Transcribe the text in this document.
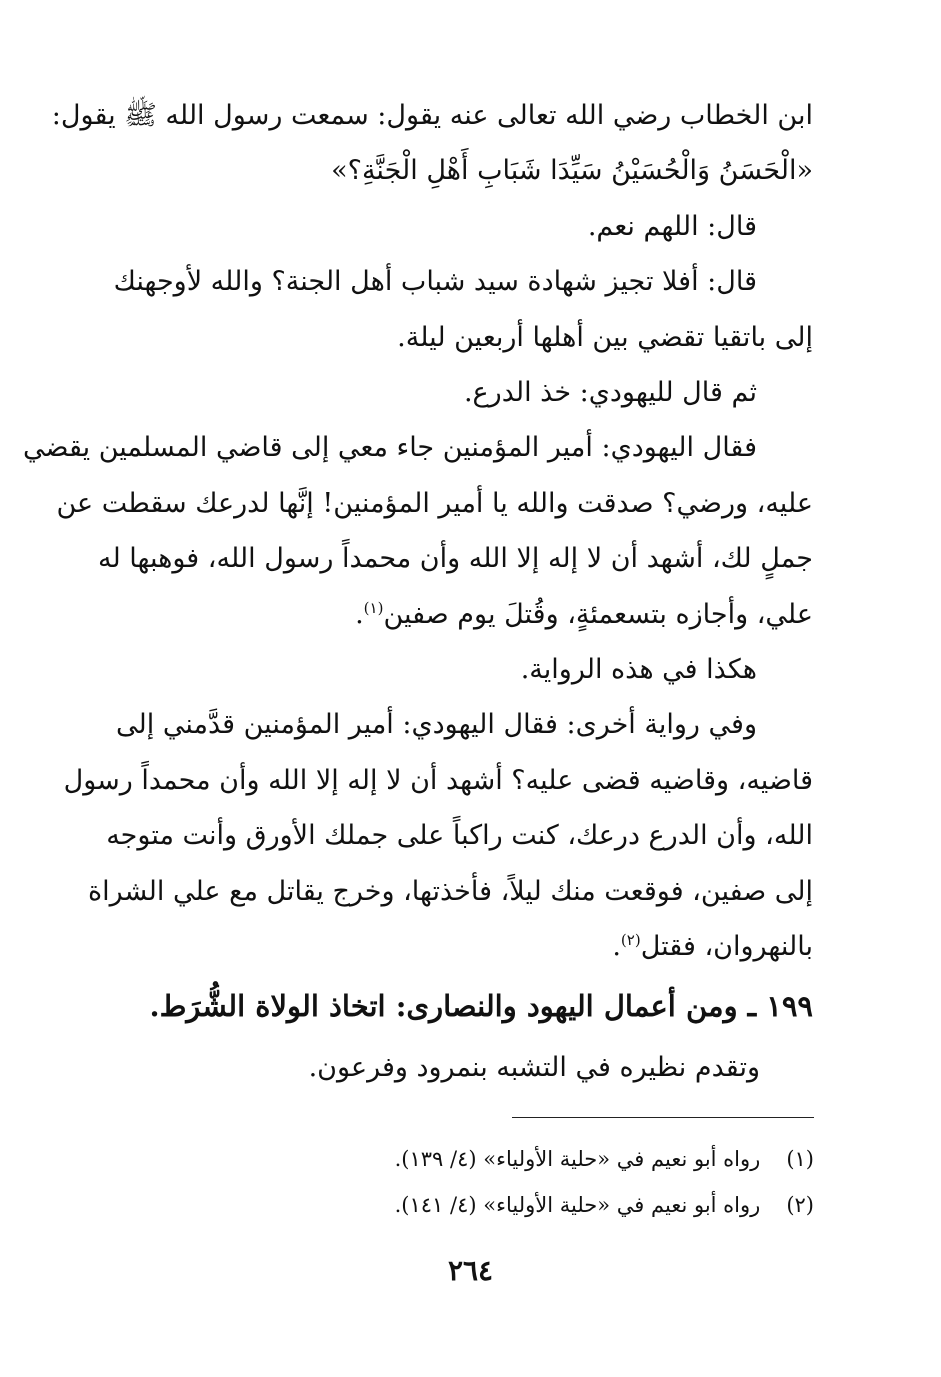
ابن الخطاب رضي الله تعالى عنه يقول: سمعت رسول الله ﷺ يقول:
«الْحَسَنُ وَالْحُسَيْنُ سَيِّدَا شَبَابِ أَهْلِ الْجَنَّةِ؟»
قال: اللهم نعم.
قال: أفلا تجيز شهادة سيد شباب أهل الجنة؟ والله لأوجهنك
إلى باتقيا تقضي بين أهلها أربعين ليلة.
ثم قال لليهودي: خذ الدرع.
فقال اليهودي: أمير المؤمنين جاء معي إلى قاضي المسلمين يقضي
عليه، ورضي؟ صدقت والله يا أمير المؤمنين! إنَّها لدرعك سقطت عن
جملٍ لك، أشهد أن لا إله إلا الله وأن محمداً رسول الله، فوهبها له
علي، وأجازه بتسعمئةٍ، وقُتلَ يوم صفين$^{(١)}$.
هكذا في هذه الرواية.
وفي رواية أخرى: فقال اليهودي: أمير المؤمنين قدَّمني إلى
قاضيه، وقاضيه قضى عليه؟ أشهد أن لا إله إلا الله وأن محمداً رسول
الله، وأن الدرع درعك، كنت راكباً على جملك الأورق وأنت متوجه
إلى صفين، فوقعت منك ليلاً، فأخذتها، وخرج يقاتل مع علي الشراة
بالنهروان، فقتل$^{(٢)}$.
١٩٩ ـ ومن أعمال اليهود والنصارى: اتخاذ الولاة الشُّرَط.
وتقدم نظيره في التشبه بنمرود وفرعون.
(١)
رواه أبو نعيم في «حلية الأولياء» (٤/ ١٣٩).
(٢)
رواه أبو نعيم في «حلية الأولياء» (٤/ ١٤١).
٢٦٤
